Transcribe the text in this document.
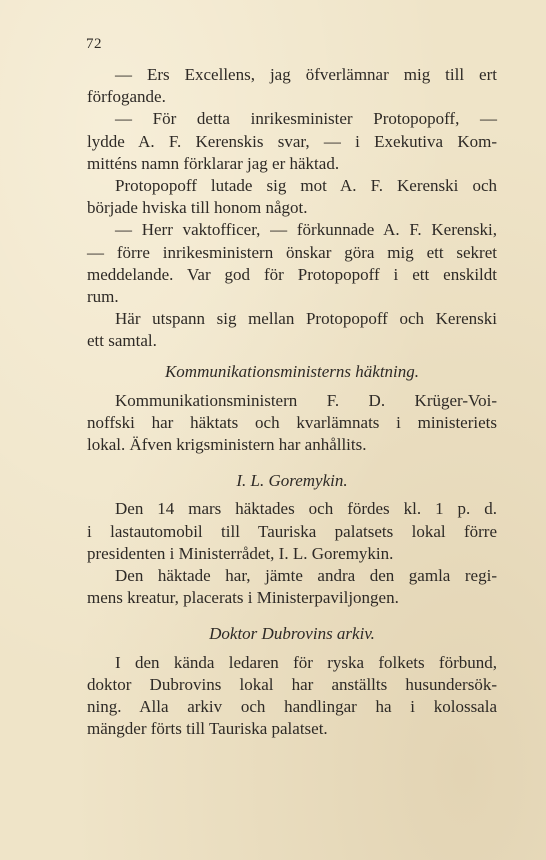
72
— Ers Excellens, jag öfverlämnar mig till ert
förfogande.
— För detta inrikesminister Protopopoff, —
lydde A. F. Kerenskis svar, — i Exekutiva Kom-
mitténs namn förklarar jag er häktad.
Protopopoff lutade sig mot A. F. Kerenski och
började hviska till honom något.
— Herr vaktofficer, — förkunnade A. F. Kerenski,
— förre inrikesministern önskar göra mig ett sekret
meddelande. Var god för Protopopoff i ett enskildt
rum.
Här utspann sig mellan Protopopoff och Kerenski
ett samtal.
Kommunikationsministerns häktning.
Kommunikationsministern F. D. Krüger-Voi-
noffski har häktats och kvarlämnats i ministeriets
lokal. Äfven krigsministern har anhållits.
I. L. Goremykin.
Den 14 mars häktades och fördes kl. 1 p. d.
i lastautomobil till Tauriska palatsets lokal förre
presidenten i Ministerrådet, I. L. Goremykin.
Den häktade har, jämte andra den gamla regi-
mens kreatur, placerats i Ministerpaviljongen.
Doktor Dubrovins arkiv.
I den kända ledaren för ryska folkets förbund,
doktor Dubrovins lokal har anställts husundersök-
ning. Alla arkiv och handlingar ha i kolossala
mängder förts till Tauriska palatset.
